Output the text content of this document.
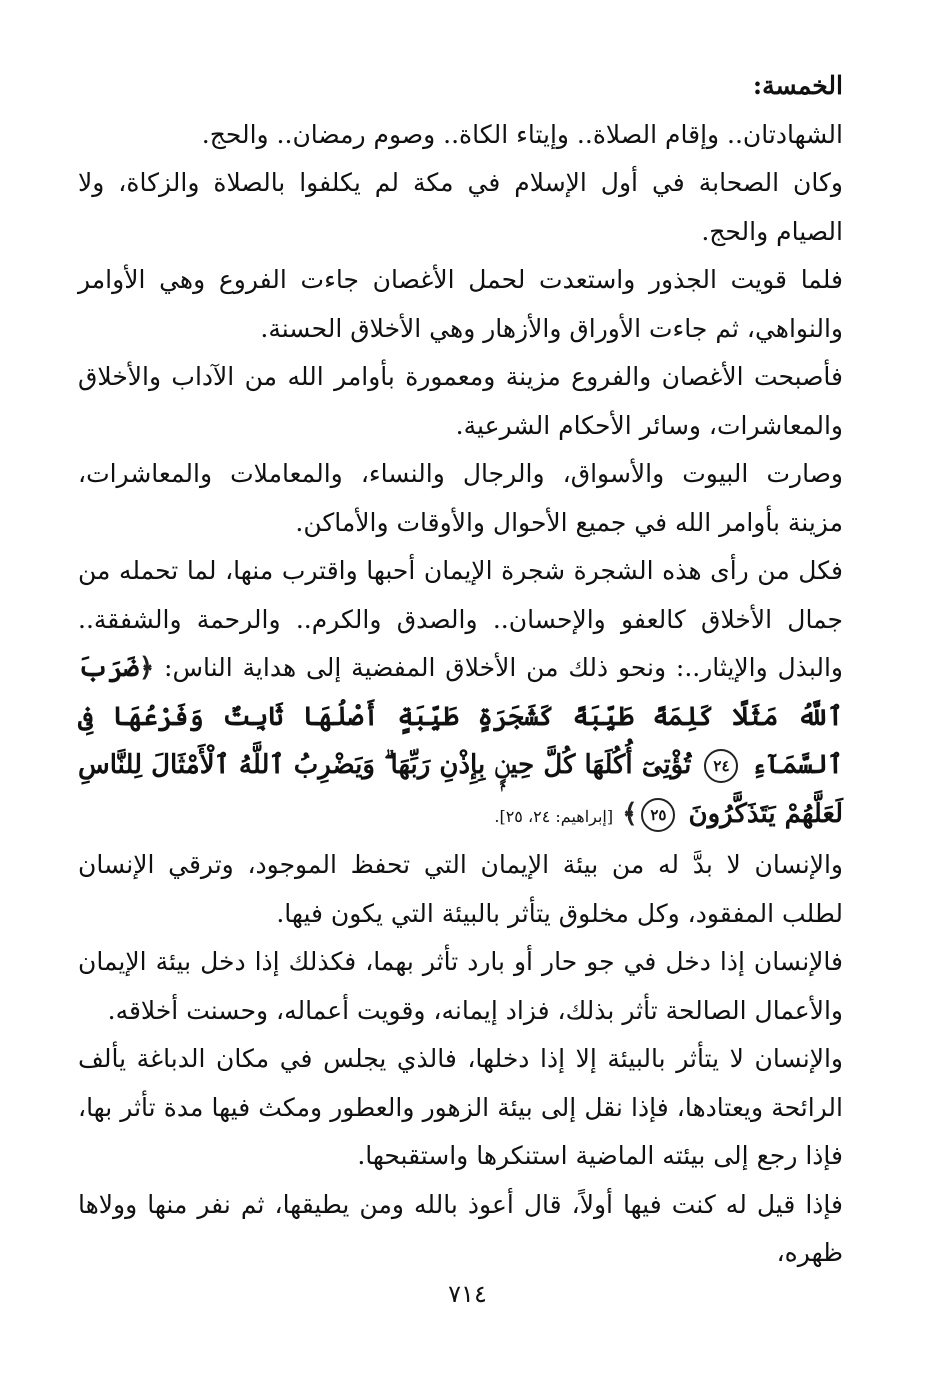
الخمسة:

الشهادتان.. وإقام الصلاة.. وإيتاء الكاة.. وصوم رمضان.. والحج.

وكان الصحابة في أول الإسلام في مكة لم يكلفوا بالصلاة والزكاة، ولا الصيام والحج.

فلما قويت الجذور واستعدت لحمل الأغصان جاءت الفروع وهي الأوامر والنواهي، ثم جاءت الأوراق والأزهار وهي الأخلاق الحسنة.

فأصبحت الأغصان والفروع مزينة ومعمورة بأوامر الله من الآداب والأخلاق والمعاشرات، وسائر الأحكام الشرعية.

وصارت البيوت والأسواق، والرجال والنساء، والمعاملات والمعاشرات، مزينة بأوامر الله في جميع الأحوال والأوقات والأماكن.

فكل من رأى هذه الشجرة شجرة الإيمان أحبها واقترب منها، لما تحمله من جمال الأخلاق كالعفو والإحسان.. والصدق والكرم.. والرحمة والشفقة.. والبذل والإيثار..: ونحو ذلك من الأخلاق المفضية إلى هداية الناس: ﴿ضَرَبَ ٱللَّهُ مَثَلًا كَلِمَةً طَيِّبَةً كَشَجَرَةٍ طَيِّبَةٍ أَصْلُهَا ثَابِتٌ وَفَرْعُهَا فِى ٱلسَّمَآءِ ٢٤ تُؤْتِىٓ أُكُلَهَا كُلَّ حِينٍۭ بِإِذْنِ رَبِّهَا ۗ وَيَضْرِبُ ٱللَّهُ ٱلْأَمْثَالَ لِلنَّاسِ لَعَلَّهُمْ يَتَذَكَّرُونَ ٢٥﴾ [إبراهيم: ٢٤، ٢٥].

والإنسان لا بدَّ له من بيئة الإيمان التي تحفظ الموجود، وترقي الإنسان لطلب المفقود، وكل مخلوق يتأثر بالبيئة التي يكون فيها.

فالإنسان إذا دخل في جو حار أو بارد تأثر بهما، فكذلك إذا دخل بيئة الإيمان والأعمال الصالحة تأثر بذلك، فزاد إيمانه، وقويت أعماله، وحسنت أخلاقه.

والإنسان لا يتأثر بالبيئة إلا إذا دخلها، فالذي يجلس في مكان الدباغة يألف الرائحة ويعتادها، فإذا نقل إلى بيئة الزهور والعطور ومكث فيها مدة تأثر بها، فإذا رجع إلى بيئته الماضية استنكرها واستقبحها.

فإذا قيل له كنت فيها أولاً، قال أعوذ بالله ومن يطيقها، ثم نفر منها وولاها ظهره،

٧١٤
